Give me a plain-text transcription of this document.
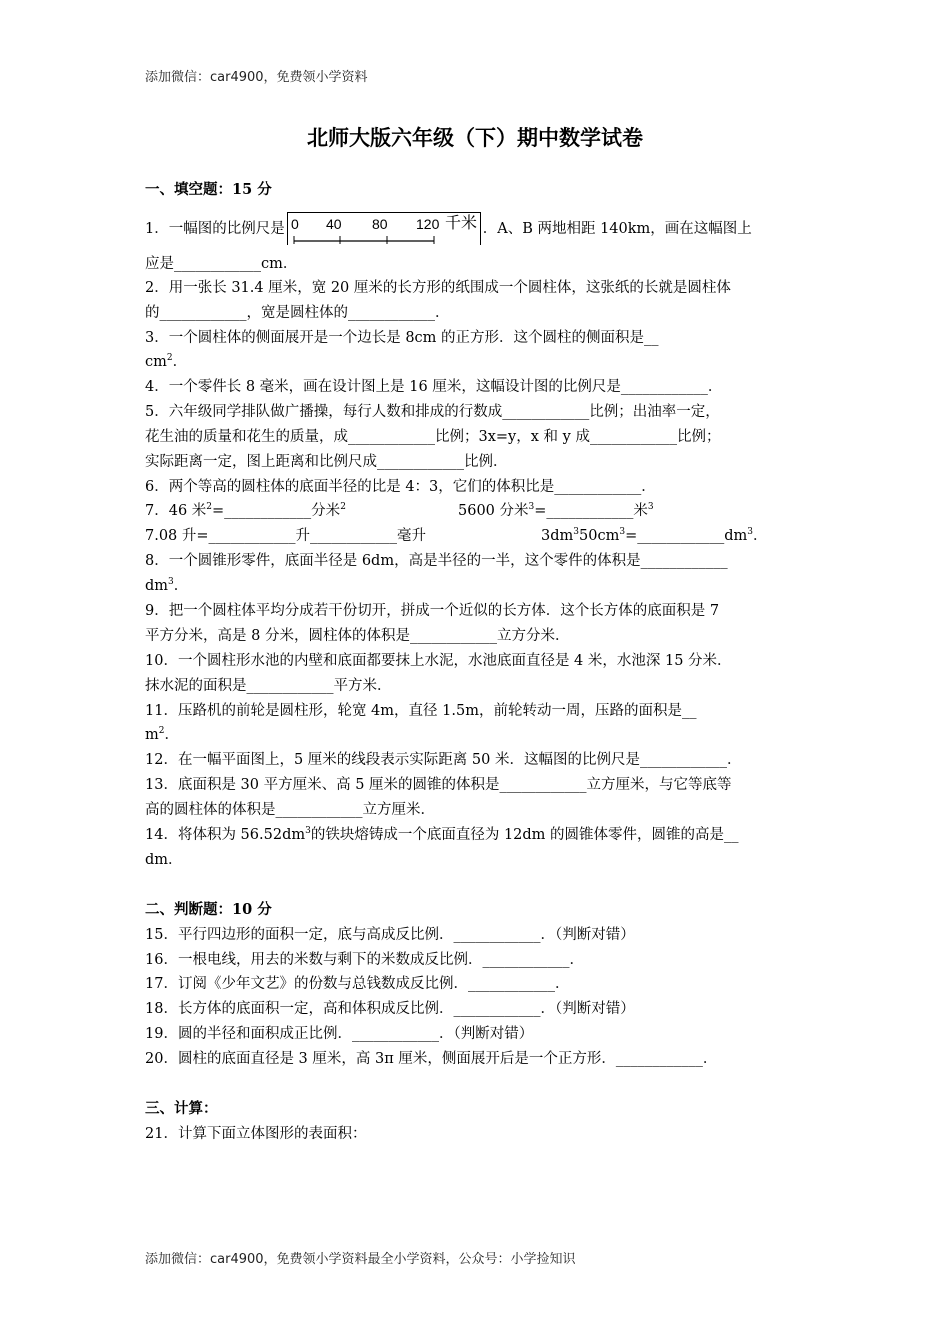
添加微信：car4900，免费领小学资料
北师大版六年级（下）期中数学试卷
一、填空题：15 分
1．一幅图的比例尺是 0 40 80 120 千米 ．A、B 两地相距 140km，画在这幅图上
应是____________cm．
2．用一张长 31.4 厘米，宽 20 厘米的长方形的纸围成一个圆柱体，这张纸的长就是圆柱体
的____________，宽是圆柱体的____________．
3．一个圆柱体的侧面展开是一个边长是 8cm 的正方形．这个圆柱的侧面积是__
$cm^2$．
4．一个零件长 8 毫米，画在设计图上是 16 厘米，这幅设计图的比例尺是____________．
5．六年级同学排队做广播操，每行人数和排成的行数成____________比例；出油率一定，
花生油的质量和花生的质量，成____________比例；3x=y，x 和 y 成____________比例；
实际距离一定，图上距离和比例尺成____________比例．
6．两个等高的圆柱体的底面半径的比是 4：3，它们的体积比是____________．
7．46 米$^2$=____________分米$^2$	5600 分米$^3$=____________米$^3$
7.08 升=____________升____________毫升	$3dm^350cm^3=\_\_\_\_\_\_\_\_\_\_\_\_dm^3$．
8．一个圆锥形零件，底面半径是 6dm，高是半径的一半，这个零件的体积是____________
$dm^3$．
9．把一个圆柱体平均分成若干份切开，拼成一个近似的长方体．这个长方体的底面积是 7
平方分米，高是 8 分米，圆柱体的体积是____________立方分米．
10．一个圆柱形水池的内壁和底面都要抹上水泥，水池底面直径是 4 米，水池深 15 分米．
抹水泥的面积是____________平方米．
11．压路机的前轮是圆柱形，轮宽 4m，直径 1.5m，前轮转动一周，压路的面积是__
$m^2$．
12．在一幅平面图上，5 厘米的线段表示实际距离 50 米．这幅图的比例尺是____________．
13．底面积是 30 平方厘米、高 5 厘米的圆锥的体积是____________立方厘米，与它等底等
高的圆柱体的体积是____________立方厘米．
14．将体积为 $56.52dm^3$的铁块熔铸成一个底面直径为 12dm 的圆锥体零件，圆锥的高是__
dm．
二、判断题：10 分
15．平行四边形的面积一定，底与高成反比例．____________．（判断对错）
16．一根电线，用去的米数与剩下的米数成反比例．____________．
17．订阅《少年文艺》的份数与总钱数成反比例．____________．
18．长方体的底面积一定，高和体积成反比例．____________．（判断对错）
19．圆的半径和面积成正比例．____________．（判断对错）
20．圆柱的底面直径是 3 厘米，高 3π 厘米，侧面展开后是一个正方形．____________．
三、计算：
21．计算下面立体图形的表面积：
添加微信：car4900，免费领小学资料最全小学资料，公众号：小学捡知识
